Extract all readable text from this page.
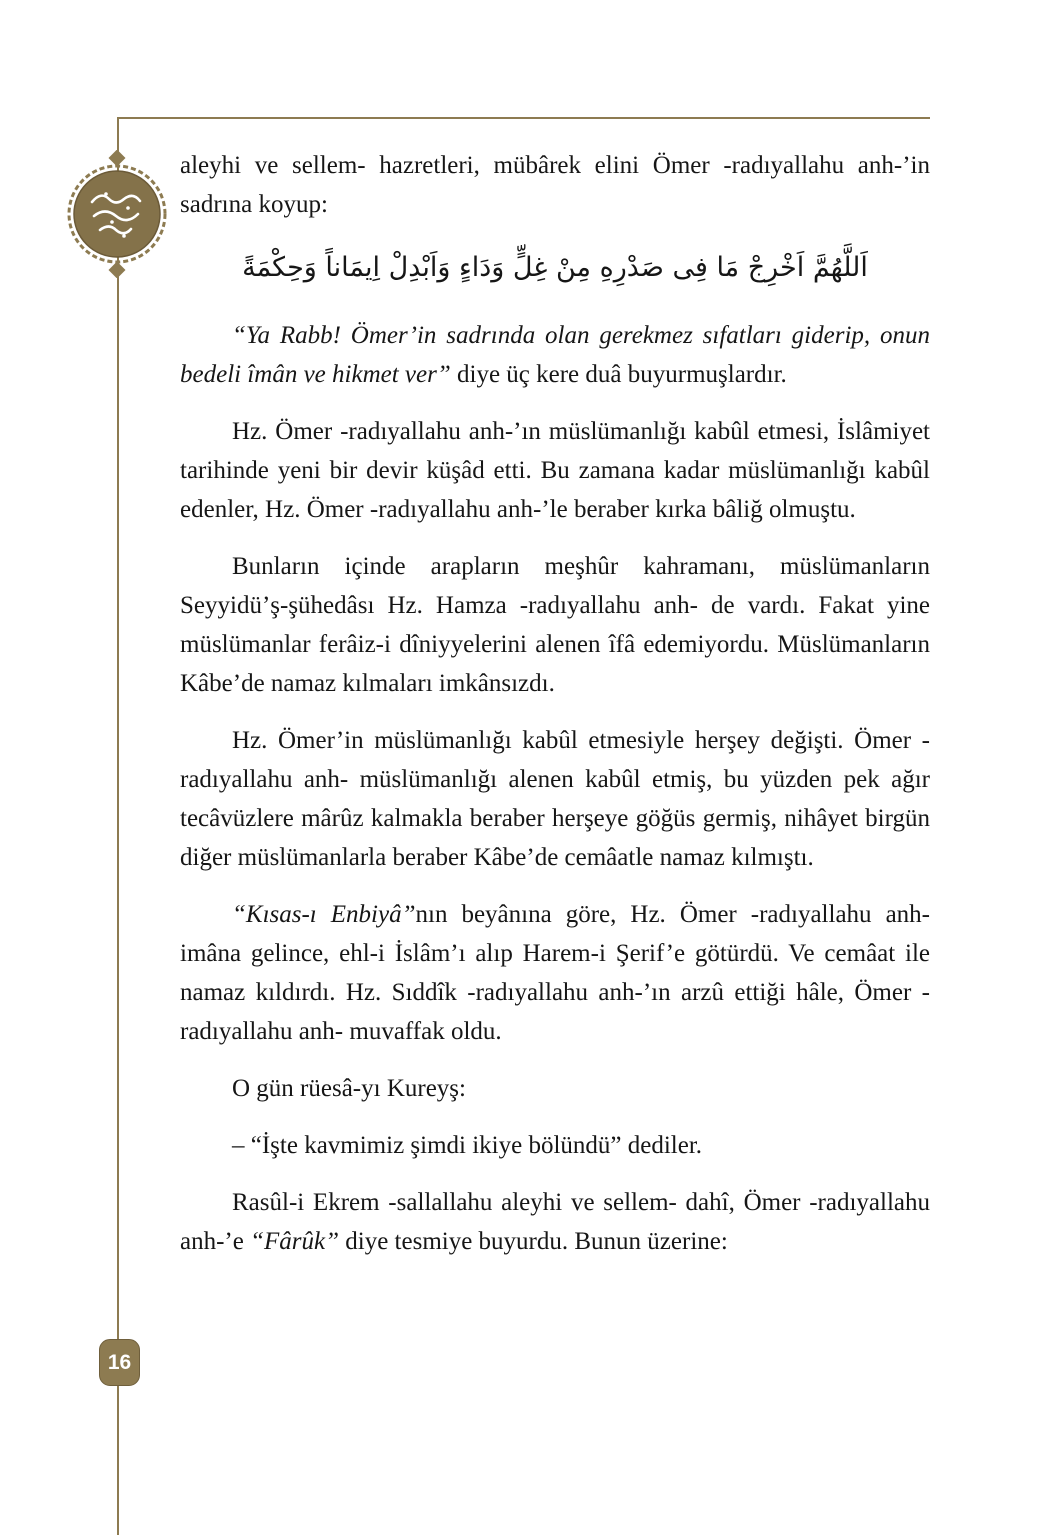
16

aleyhi ve sellem- hazretleri, mübârek elini Ömer -radıyallahu anh-’in sadrına koyup:

اَللَّهُمَّ اَخْرِجْ مَا فِى صَدْرِهِ مِنْ غِلٍّ وَدَاءٍ وَاَبْدِلْ اِيمَاناً وَحِكْمَةً

“Ya Rabb! Ömer’in sadrında olan gerekmez sıfatları giderip, onun bedeli îmân ve hikmet ver” diye üç kere duâ buyurmuşlardır.

Hz. Ömer -radıyallahu anh-’ın müslümanlığı kabûl etmesi, İslâmiyet tarihinde yeni bir devir küşâd etti. Bu zamana kadar müslümanlığı kabûl edenler, Hz. Ömer -radıyallahu anh-’le beraber kırka bâliğ olmuştu.

Bunların içinde arapların meşhûr kahramanı, müslümanların Seyyidü’ş-şühedâsı Hz. Hamza -radıyallahu anh- de vardı. Fakat yine müslümanlar ferâiz-i dîniyyelerini alenen îfâ edemiyordu. Müslümanların Kâbe’de namaz kılmaları imkânsızdı.

Hz. Ömer’in müslümanlığı kabûl etmesiyle herşey değişti. Ömer -radıyallahu anh- müslümanlığı alenen kabûl etmiş, bu yüzden pek ağır tecâvüzlere mârûz kalmakla beraber herşeye göğüs germiş, nihâyet birgün diğer müslümanlarla beraber Kâbe’de cemâatle namaz kılmıştı.

“Kısas-ı Enbiyâ”nın beyânına göre, Hz. Ömer -radıyallahu anh- imâna gelince, ehl-i İslâm’ı alıp Harem-i Şerif’e götürdü. Ve cemâat ile namaz kıldırdı. Hz. Sıddîk -radıyallahu anh-’ın arzû ettiği hâle, Ömer -radıyallahu anh- muvaffak oldu.

O gün rüesâ-yı Kureyş:

– “İşte kavmimiz şimdi ikiye bölündü” dediler.

Rasûl-i Ekrem -sallallahu aleyhi ve sellem- dahî, Ömer -radıyallahu anh-’e “Fârûk” diye tesmiye buyurdu. Bunun üzerine:
